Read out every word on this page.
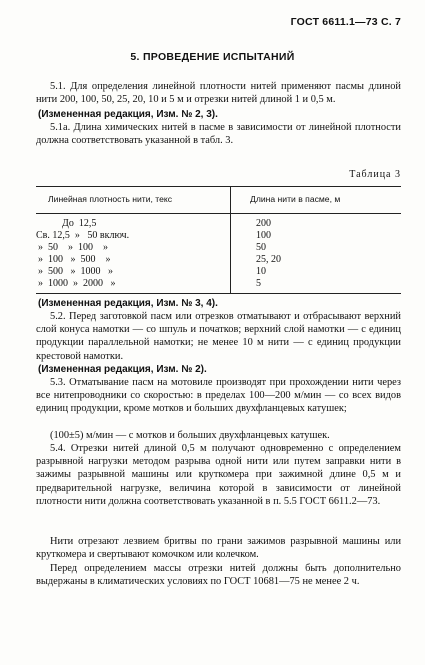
ГОСТ 6611.1—73 С. 7
5. ПРОВЕДЕНИЕ ИСПЫТАНИЙ
5.1. Для определения линейной плотности нитей применяют пасмы длиной нити 200, 100, 50, 25, 20, 10 и 5 м и отрезки нитей длиной 1 и 0,5 м.
(Измененная редакция, Изм. № 2, 3).
5.1а. Длина химических нитей в пасме в зависимости от линейной плотности должна соответствовать указанной в табл. 3.
Таблица 3
Линейная плотность нити, текс	Длина нити в пасме, м
До  12,5	200
Св. 12,5  »   50 включ.	100
»  50    »  100    »	50
»  100   »  500    »	25, 20
»  500   »  1000   »	10
»  1000  »  2000   »	5
(Измененная редакция, Изм. № 3, 4).
5.2. Перед заготовкой пасм или отрезков отматывают и отбрасывают верхний слой конуса намотки — со шпуль и початков; верхний слой намотки — с единиц продукции параллельной намотки; не менее 10 м нити — с единиц продукции крестовой намотки.
(Измененная редакция, Изм. № 2).
5.3. Отматывание пасм на мотовиле производят при прохождении нити через все нитепроводники со скоростью: в пределах 100—200 м/мин — со всех видов единиц продукции, кроме мотков и больших двухфланцевых катушек;
(100±5) м/мин — с мотков и больших двухфланцевых катушек.
5.4. Отрезки нитей длиной 0,5 м получают одновременно с определением разрывной нагрузки методом разрыва одной нити или путем заправки нити в зажимы разрывной машины или круткомера при зажимной длине 0,5 м и предварительной нагрузке, величина которой в зависимости от линейной плотности нити должна соответствовать указанной в п. 5.5 ГОСТ 6611.2—73.
Нити отрезают лезвием бритвы по грани зажимов разрывной машины или круткомера и свертывают комочком или колечком.
Перед определением массы отрезки нитей должны быть дополнительно выдержаны в климатических условиях по ГОСТ 10681—75 не менее 2 ч.
